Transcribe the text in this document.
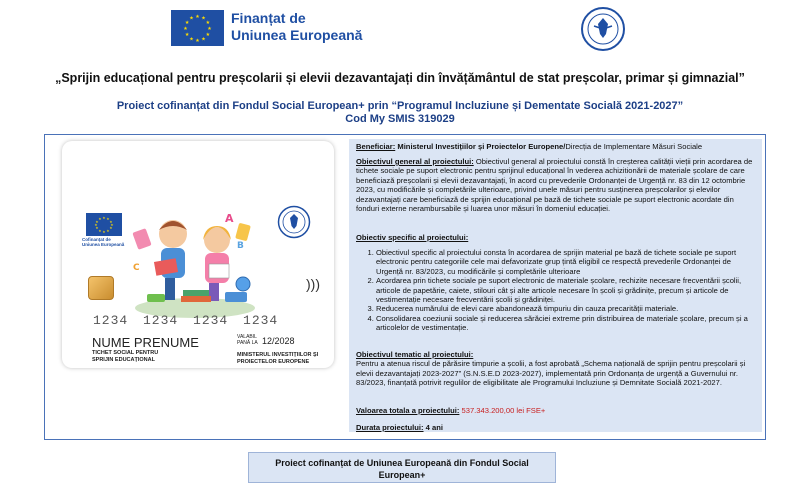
★ ★
★
★
★
★
★
★
★
★
★
★	Finanțat de
Uniunea Europeană
„Sprijin educațional pentru preșcolarii și elevii dezavantajați din învățământul de stat preșcolar, primar și gimnazial”
Proiect cofinanțat din Fondul Social European+ prin “Programul Incluziune și Dementate Socială 2021-2027”
Cod My SMIS 319029
★ ★
★
★
★
★
★
★
★
★
★
★
Cofinanțat de
Uniunea Europeană
A
B
C
)))
1234 1234 1234 1234
NUME PRENUME
TICHET SOCIAL PENTRU
SPRIJIN EDUCAȚIONAL
VALABIL
PANĂ LA 12/2028
MINISTERUL INVESTIȚIILOR ȘI
PROIECTELOR EUROPENE
Beneficiar: Ministerul Investițiilor și Proiectelor Europene/Direcția de Implementare Măsuri Sociale
Obiectivul general al proiectului: Obiectivul general al proiectului constă în creșterea calității vieții prin acordarea de tichete sociale pe suport electronic pentru sprijinul educațional în vederea achizitionării de materiale școlare de care beneficiază preșcolarii și elevii dezavantajați, în acord cu prevederile Ordonanței de Urgență nr. 83 din 12 octombrie 2023, cu modificările și completările ulterioare, privind unele măsuri pentru susținerea preșcolarilor și elevilor dezavantajați care beneficiază de sprijin educațional pe bază de tichete sociale pe suport electronic acordate din fonduri externe nerambursabile și luarea unor măsuri în domeniul educației.
Obiectiv specific al proiectului:
1. Obiectivul specific al proiectului consta în acordarea de sprijin material pe bază de tichete sociale pe suport electronic pentru categoriile cele mai defavorizate grup țintă eligibil ce respectă prevederile Ordonanței de Urgență nr. 83/2023, cu modificările și completările ulterioare
2. Acordarea prin tichete sociale pe suport electronic de materiale școlare, rechizite necesare frecventării școlii, articole de papetărie, caiete, stilouri cât și alte articole necesare în școli și grădinițe, precum și articole de vestimentație necesare frecventării școlii și grădiniței.
3. Reducerea numărului de elevi care abandonează timpuriu din cauza precarității materiale.
4. Consolidarea coeziunii sociale și reducerea sărăciei extreme prin distribuirea de materiale școlare, precum și a articolelor de vestimentație.
Obiectivul tematic al proiectului:
Pentru a atenua riscul de părăsire timpurie a școlii, a fost aprobată „Schema națională de sprijin pentru preșcolarii și elevii dezavantajați 2023-2027” (S.N.S.E.D 2023-2027), implementată prin Ordonanța de urgență a Guvernului nr. 83/2023, finanțată potrivit regulilor de eligibilitate ale Programului Incluziune și Demnitate Socială 2021-2027.
Valoarea totala a proiectului: 537.343.200,00 lei FSE+
Durata proiectului: 4 ani
Proiect cofinanțat de Uniunea Europeană din Fondul Social
European+
